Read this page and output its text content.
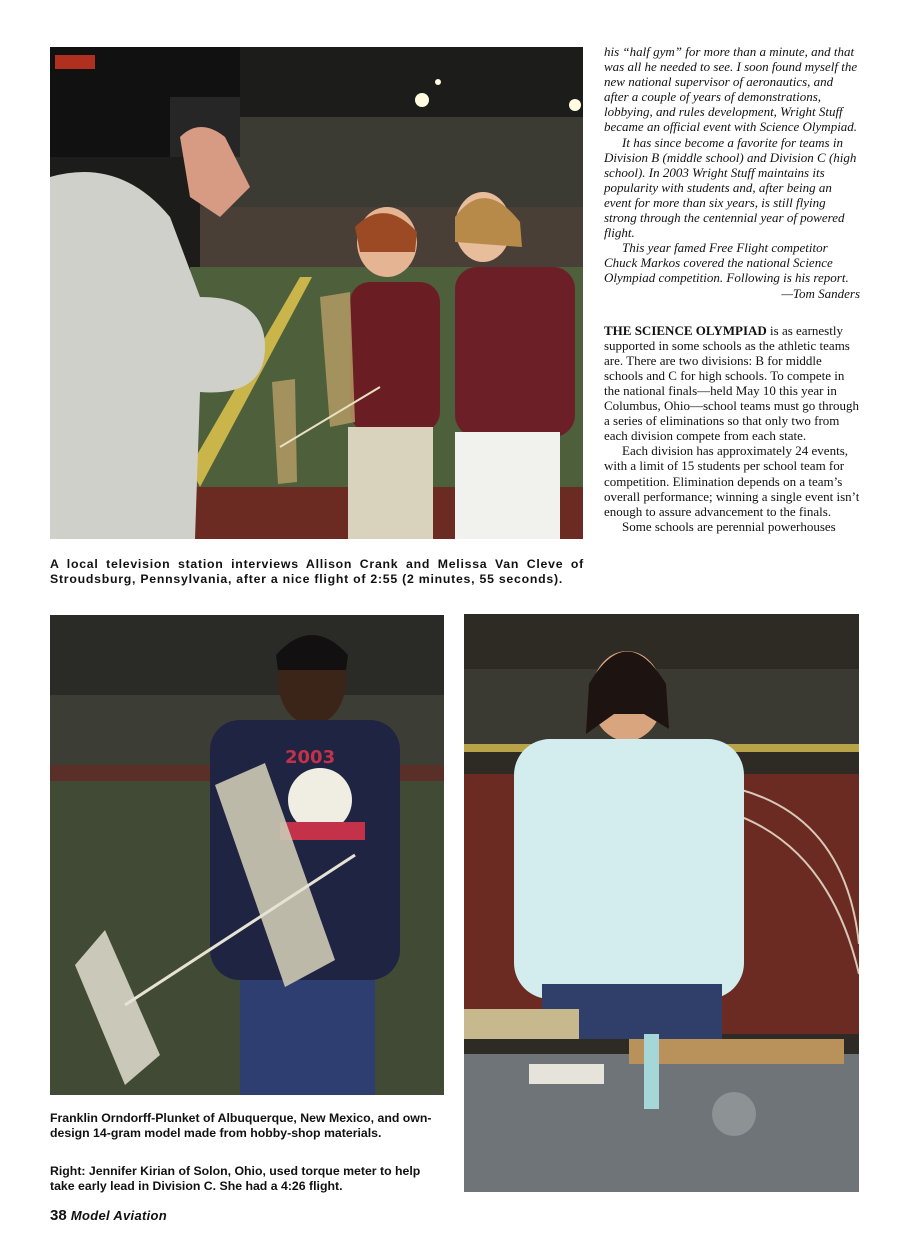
A local television station interviews Allison Crank and Melissa Van Cleve of Stroudsburg, Pennsylvania, after a nice flight of 2:55 (2 minutes, 55 seconds).

his “half gym” for more than a minute, and that was all he needed to see. I soon found myself the new national supervisor of aeronautics, and after a couple of years of demonstrations, lobbying, and rules development, Wright Stuff became an official event with Science Olympiad.

It has since become a favorite for teams in Division B (middle school) and Division C (high school). In 2003 Wright Stuff maintains its popularity with students and, after being an event for more than six years, is still flying strong through the centennial year of powered flight.

This year famed Free Flight competitor Chuck Markos covered the national Science Olympiad competition. Following is his report.

—Tom Sanders

THE SCIENCE OLYMPIAD is as earnestly supported in some schools as the athletic teams are. There are two divisions: B for middle schools and C for high schools. To compete in the national finals—held May 10 this year in Columbus, Ohio—school teams must go through a series of eliminations so that only two from each division compete from each state.

Each division has approximately 24 events, with a limit of 15 students per school team for competition. Elimination depends on a team’s overall performance; winning a single event isn’t enough to assure advancement to the finals.

Some schools are perennial powerhouses

2003

Franklin Orndorff-Plunket of Albuquerque, New Mexico, and own-design 14-gram model made from hobby-shop materials.

Right: Jennifer Kirian of Solon, Ohio, used torque meter to help take early lead in Division C. She had a 4:26 flight.

38 Model Aviation
